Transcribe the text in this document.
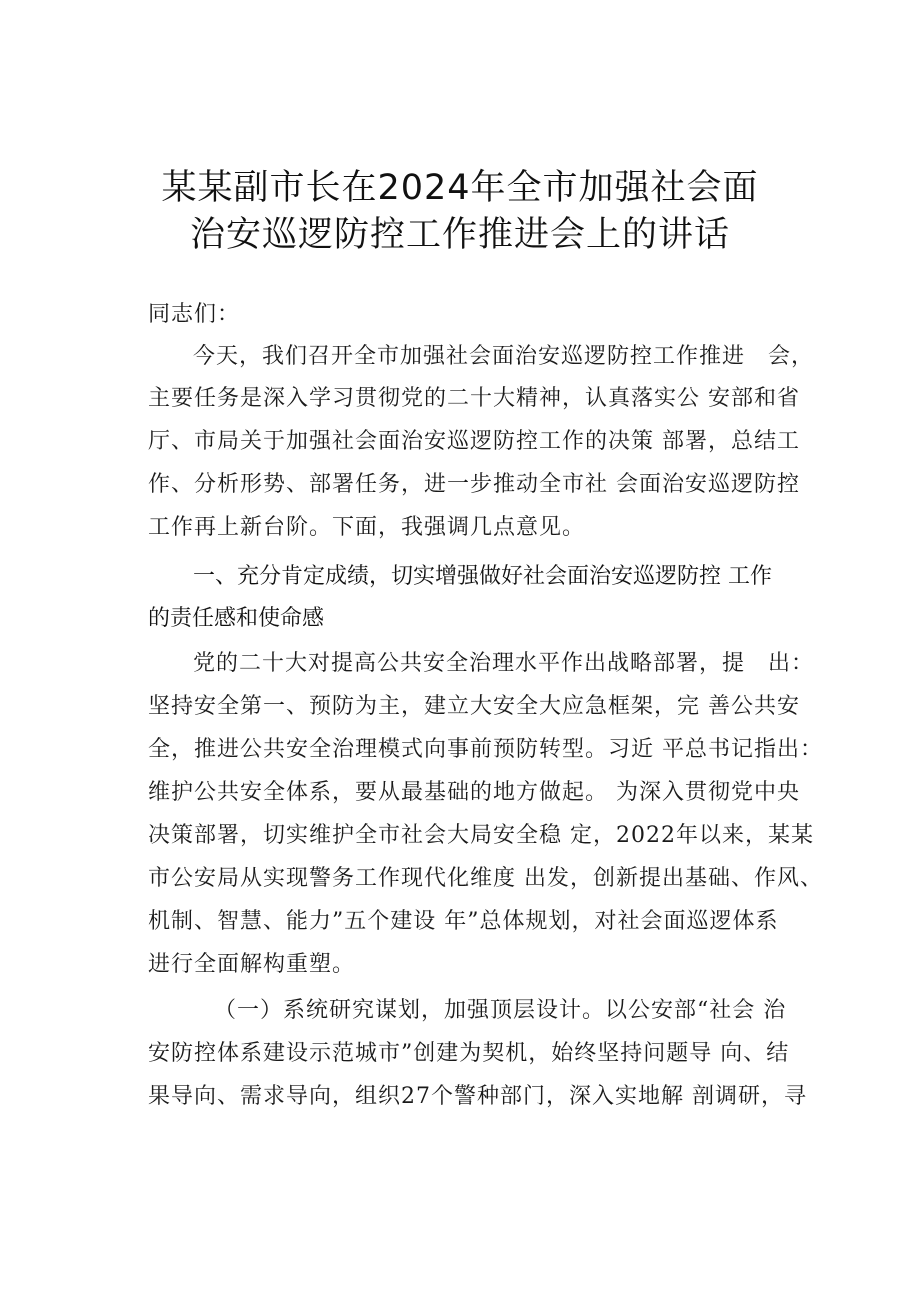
某某副市长在2024年全市加强社会面
治安巡逻防控工作推进会上的讲话
同志们：
今天，我们召开全市加强社会面治安巡逻防控工作推进　会，
主要任务是深入学习贯彻党的二十大精神，认真落实公 安部和省
厅、市局关于加强社会面治安巡逻防控工作的决策 部署，总结工
作、分析形势、部署任务，进一步推动全市社 会面治安巡逻防控
工作再上新台阶。下面，我强调几点意见。
一、充分肯定成绩，切实增强做好社会面治安巡逻防控 工作
的责任感和使命感
党的二十大对提高公共安全治理水平作出战略部署，提　出：
坚持安全第一、预防为主，建立大安全大应急框架，完 善公共安
全，推进公共安全治理模式向事前预防转型。习近 平总书记指出：
维护公共安全体系，要从最基础的地方做起。 为深入贯彻党中央
决策部署，切实维护全市社会大局安全稳 定，2022年以来，某某
市公安局从实现警务工作现代化维度 出发，创新提出基础、作风、
机制、智慧、能力”五个建设 年”总体规划，对社会面巡逻体系
进行全面解构重塑。
（一）系统研究谋划，加强顶层设计。以公安部“社会 治
安防控体系建设示范城市”创建为契机，始终坚持问题导 向、结
果导向、需求导向，组织27个警种部门，深入实地解 剖调研，寻
